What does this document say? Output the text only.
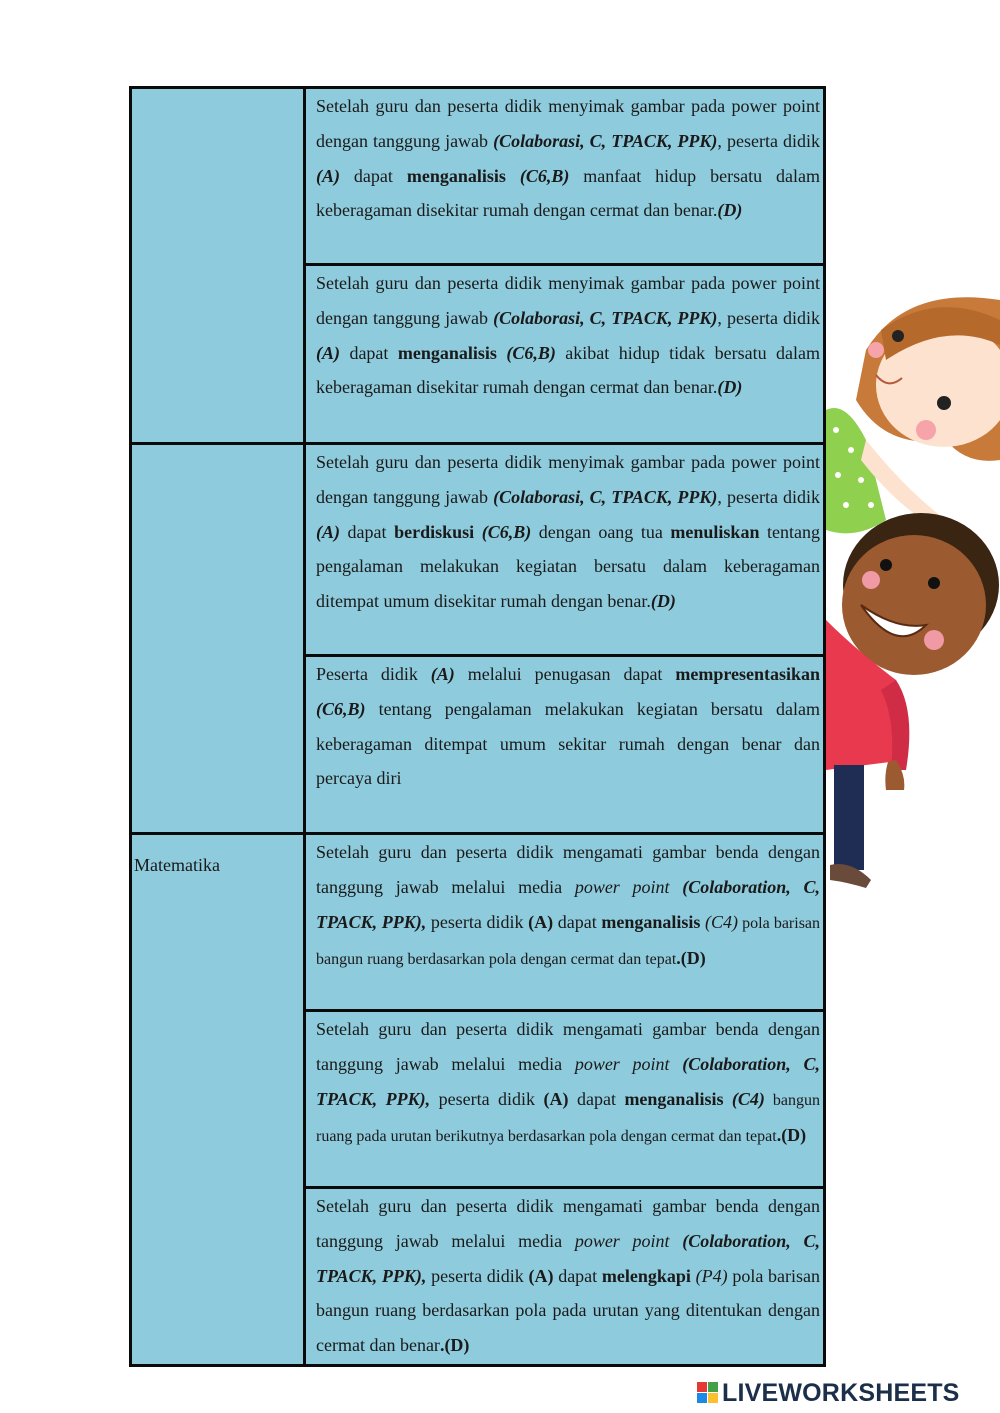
Matematika
Setelah guru dan peserta didik menyimak gambar pada power point dengan tanggung jawab (Colaborasi, C, TPACK, PPK), peserta didik (A) dapat menganalisis (C6,B) manfaat hidup bersatu dalam keberagaman disekitar rumah dengan cermat dan benar.(D)
Setelah guru dan peserta didik menyimak gambar pada power point dengan tanggung jawab (Colaborasi, C, TPACK, PPK), peserta didik (A) dapat menganalisis (C6,B) akibat hidup tidak bersatu dalam keberagaman disekitar rumah dengan cermat dan benar.(D)
Setelah guru dan peserta didik menyimak gambar pada power point dengan tanggung jawab (Colaborasi, C, TPACK, PPK), peserta didik (A) dapat berdiskusi (C6,B) dengan oang tua menuliskan tentang pengalaman melakukan kegiatan bersatu dalam keberagaman ditempat umum disekitar rumah dengan benar.(D)
Peserta didik (A) melalui penugasan dapat mempresentasikan (C6,B) tentang pengalaman melakukan kegiatan bersatu dalam keberagaman ditempat umum sekitar rumah dengan benar dan percaya diri
Setelah guru dan peserta didik mengamati gambar benda dengan tanggung jawab melalui media power point (Colaboration, C, TPACK, PPK), peserta didik (A) dapat menganalisis (C4) pola barisan bangun ruang berdasarkan pola dengan cermat dan tepat.(D)
Setelah guru dan peserta didik mengamati gambar benda dengan tanggung jawab melalui media power point (Colaboration, C, TPACK, PPK), peserta didik (A) dapat menganalisis (C4) bangun ruang pada urutan berikutnya berdasarkan pola dengan cermat dan tepat.(D)
Setelah guru dan peserta didik mengamati gambar benda dengan tanggung jawab melalui media power point (Colaboration, C, TPACK, PPK), peserta didik (A) dapat melengkapi (P4) pola barisan bangun ruang berdasarkan pola pada urutan yang ditentukan dengan cermat dan benar.(D)
LIVEWORKSHEETS
